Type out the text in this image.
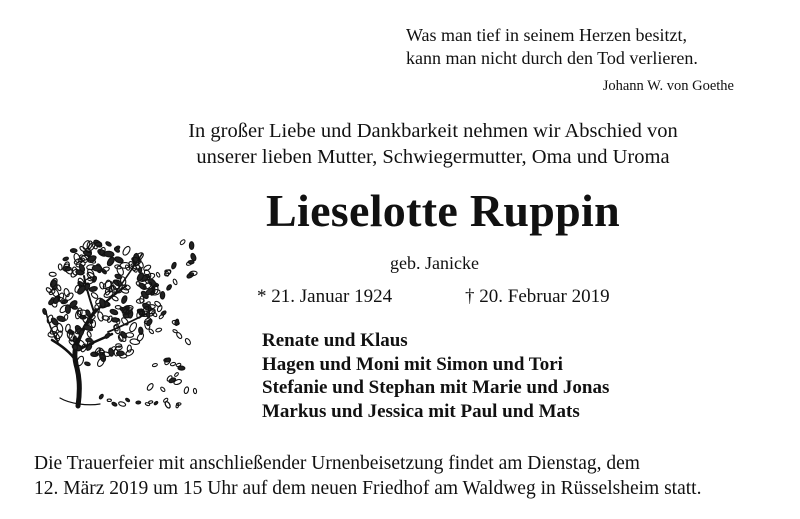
Was man tief in seinem Herzen besitzt,
kann man nicht durch den Tod verlieren.
Johann W. von Goethe
In großer Liebe und Dankbarkeit nehmen wir Abschied von
unserer lieben Mutter, Schwiegermutter, Oma und Uroma
Lieselotte Ruppin
geb. Janicke
* 21. Januar 1924	† 20. Februar 2019
Renate und Klaus
Hagen und Moni mit Simon und Tori
Stefanie und Stephan mit Marie und Jonas
Markus und Jessica mit Paul und Mats
Die Trauerfeier mit anschließender Urnenbeisetzung findet am Dienstag, dem
12. März 2019 um 15 Uhr auf dem neuen Friedhof am Waldweg in Rüsselsheim statt.
